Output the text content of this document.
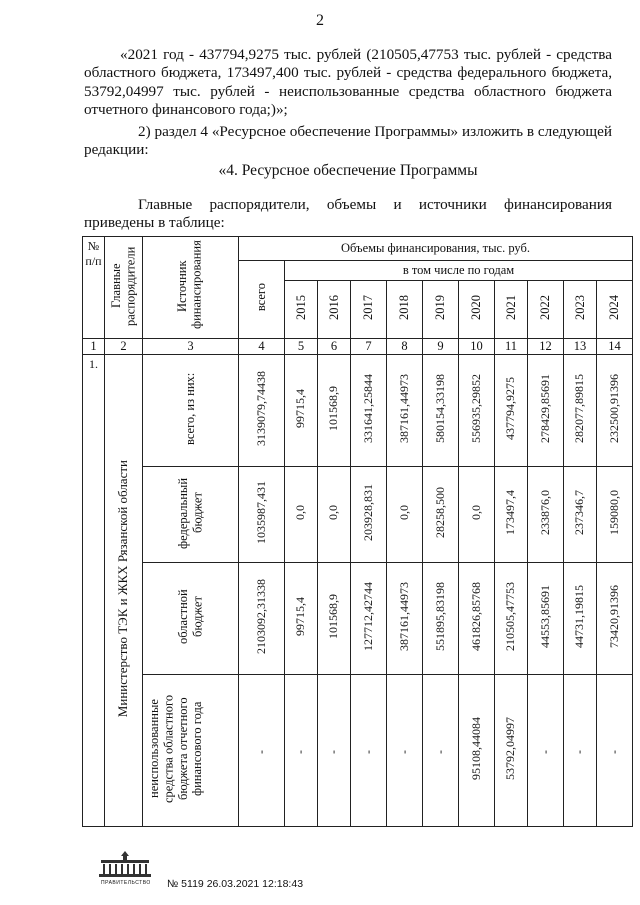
2

«2021 год - 437794,9275 тыс. рублей (210505,47753 тыс. рублей - средства областного бюджета, 173497,400 тыс. рублей - средства федерального бюджета, 53792,04997 тыс. рублей - неиспользованные средства областного бюджета отчетного финансового года;)»;

2) раздел 4 «Ресурсное обеспечение Программы» изложить в следующей редакции:

«4. Ресурсное обеспечение Программы

Главные распорядители, объемы и источники финансирования приведены в таблице:

№ п/п	Главные распорядители	Источник финансирования	Объемы финансирования, тыс. руб.										
			всего	в том числе по годам									
				2015	2016	2017	2018	2019	2020	2021	2022	2023	2024
1	2	3	4	5	6	7	8	9	10	11	12	13	14
1.	Министерство ТЭК и ЖКХ Рязанской области	всего, из них:	3139079,74438	99715,4	101568,9	331641,25844	387161,44973	580154,33198	556935,29852	437794,9275	278429,85691	282077,89815	232500,91396
		федеральный бюджет	1035987,431	0,0	0,0	203928,831	0,0	28258,500	0,0	173497,4	233876,0	237346,7	159080,0
		областной бюджет	2103092,31338	99715,4	101568,9	127712,42744	387161,44973	551895,83198	461826,85768	210505,47753	44553,85691	44731,19815	73420,91396
		неиспользованные средства областного бюджета отчетного финансового года	-	-	-	-	-	-	95108,44084	53792,04997	-	-	-
ПРАВИТЕЛЬСТВО № 5119 26.03.2021 12:18:43
